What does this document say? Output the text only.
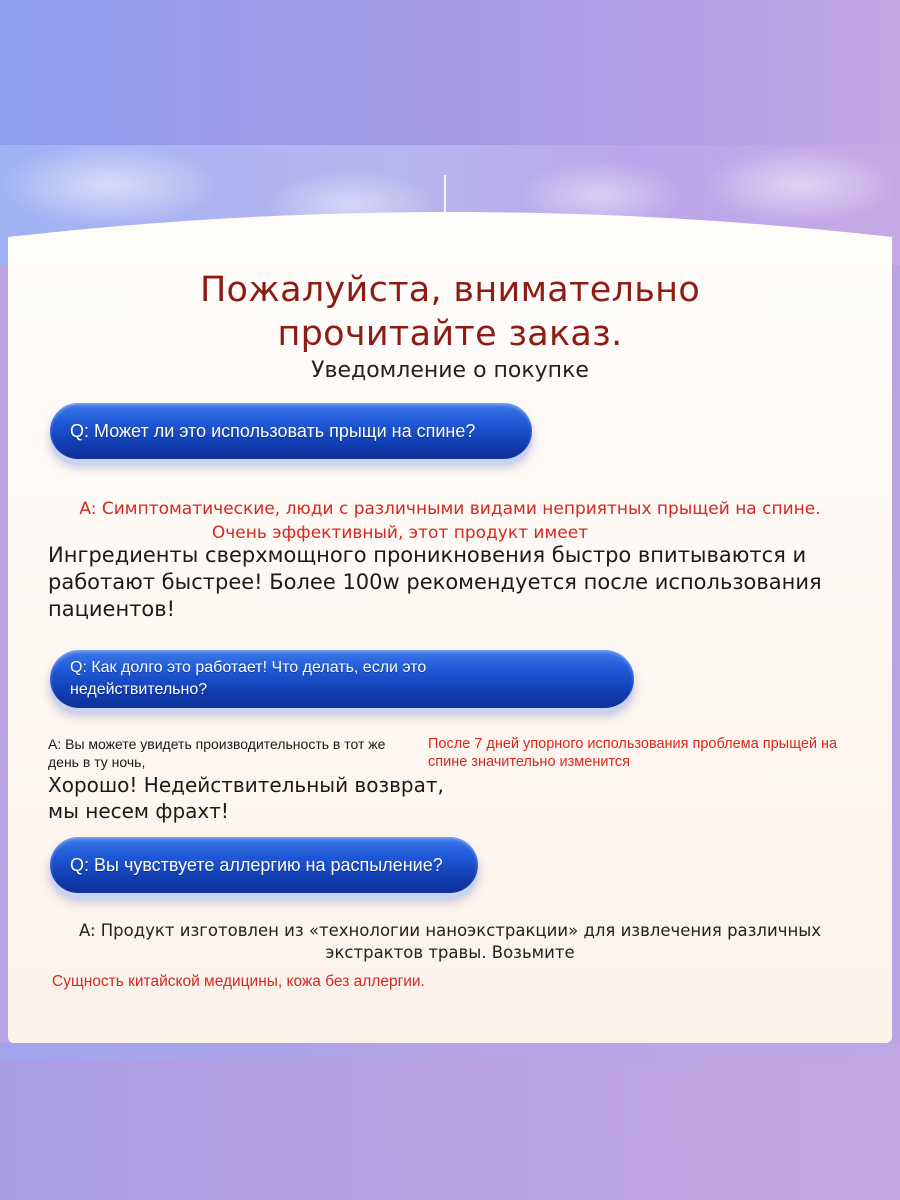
Пожалуйста, внимательно
прочитайте заказ.
Уведомление о покупке
Q: Может ли это использовать прыщи на спине?
A: Симптоматические, люди с различными видами неприятных прыщей на спине.
Очень эффективный, этот продукт имеет
Ингредиенты сверхмощного проникновения быстро впитываются и работают быстрее! Более 100w рекомендуется после использования пациентов!
Q: Как долго это работает! Что делать, если это
недействительно?
A: Вы можете увидеть производительность в тот же день в ту ночь,
После 7 дней упорного использования проблема прыщей на спине значительно изменится
Хорошо! Недействительный возврат, мы несем фрахт!
Q: Вы чувствуете аллергию на распыление?
A: Продукт изготовлен из «технологии наноэкстракции» для извлечения различных
экстрактов травы. Возьмите
Сущность китайской медицины, кожа без аллергии.
